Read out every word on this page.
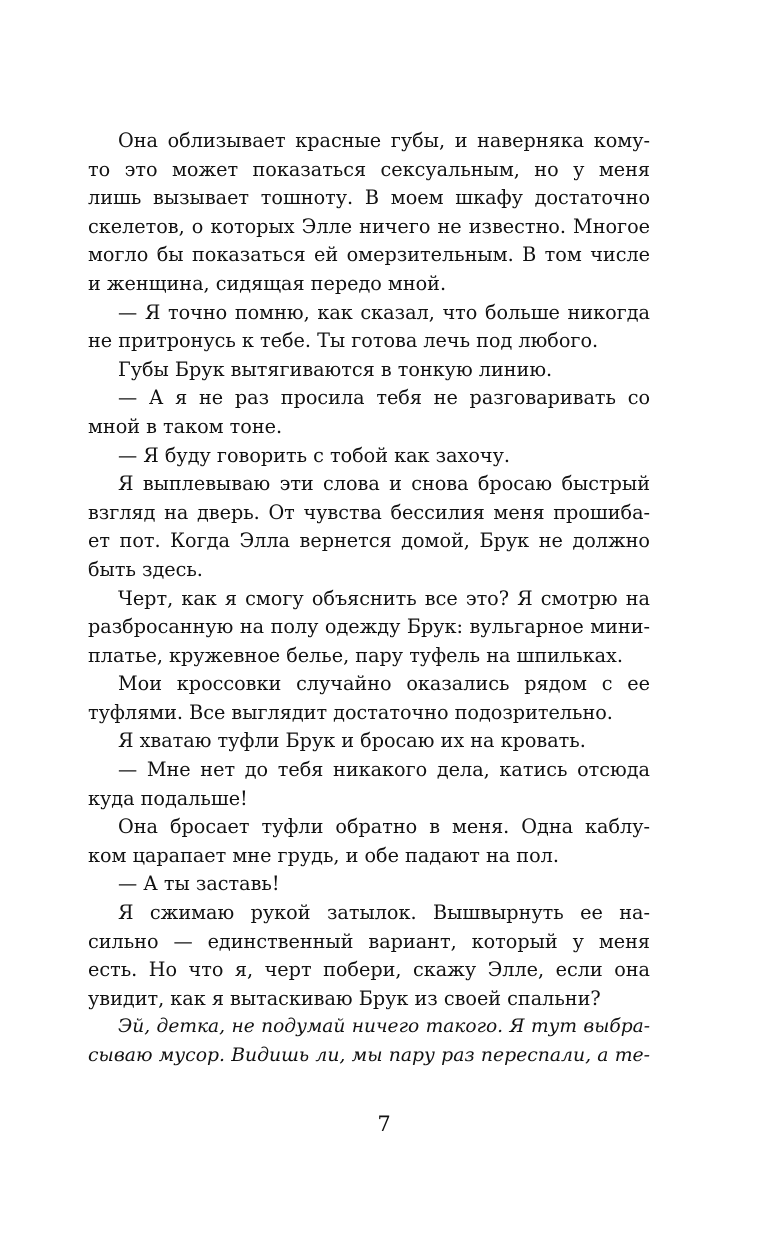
Она облизывает красные губы, и наверняка кому-
то это может показаться сексуальным, но у меня
лишь вызывает тошноту. В моем шкафу достаточно
скелетов, о которых Элле ничего не известно. Многое
могло бы показаться ей омерзительным. В том числе
и женщина, сидящая передо мной.
— Я точно помню, как сказал, что больше никогда
не притронусь к тебе. Ты готова лечь под любого.
Губы Брук вытягиваются в тонкую линию.
— А я не раз просила тебя не разговаривать со
мной в таком тоне.
— Я буду говорить с тобой как захочу.
Я выплевываю эти слова и снова бросаю быстрый
взгляд на дверь. От чувства бессилия меня прошиба-
ет пот. Когда Элла вернется домой, Брук не должно
быть здесь.
Черт, как я смогу объяснить все это? Я смотрю на
разбросанную на полу одежду Брук: вульгарное мини-
платье, кружевное белье, пару туфель на шпильках.
Мои кроссовки случайно оказались рядом с ее
туфлями. Все выглядит достаточно подозрительно.
Я хватаю туфли Брук и бросаю их на кровать.
— Мне нет до тебя никакого дела, катись отсюда
куда подальше!
Она бросает туфли обратно в меня. Одна каблу-
ком царапает мне грудь, и обе падают на пол.
— А ты заставь!
Я сжимаю рукой затылок. Вышвырнуть ее на-
сильно — единственный вариант, который у меня
есть. Но что я, черт побери, скажу Элле, если она
увидит, как я вытаскиваю Брук из своей спальни?
Эй, детка, не подумай ничего такого. Я тут выбра-
сываю мусор. Видишь ли, мы пару раз переспали, а те-
7
